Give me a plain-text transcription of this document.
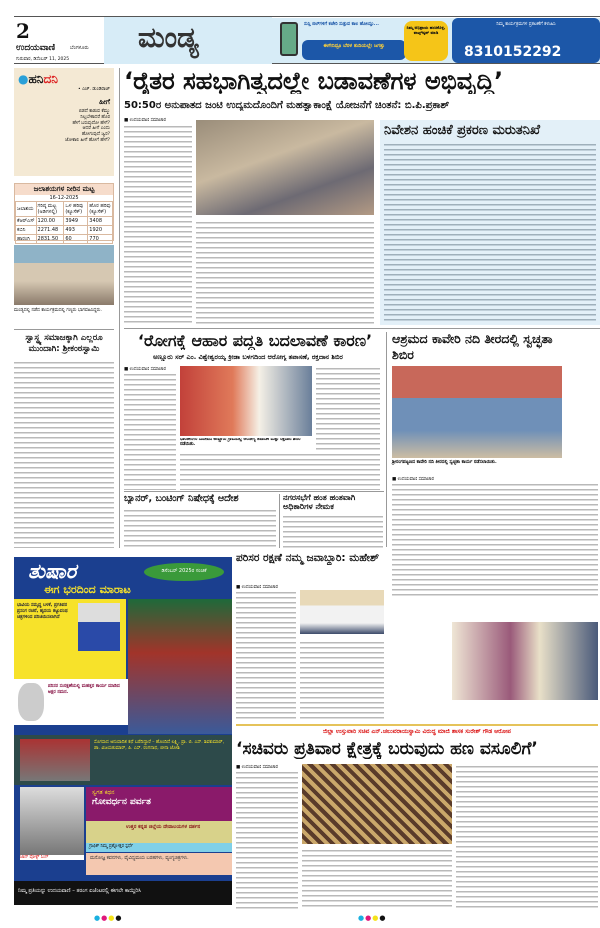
2
ಉದಯವಾಣಿ	ಬೆಂಗಳೂರು
ಗುರುವಾರ, ಡಿಸೆಂಬರ್ 11, 2025
ಮಂಡ್ಯ	ಸುಸ್ತಿ ಬಿಲ್‌ಗಳಿಗೆ ಕಚೇರಿ ಸುತ್ತುವ ಕಾಲ ಹೋಯ್ತು...
ಈಗೇನಿದ್ರೂ ಬೆರಳ ತುದಿಯಲ್ಲೇ ಜಗತ್ತು
ನಿಮ್ಮ ಅಭಿಪ್ರಾಯ ಹಂಚಿಕೊಳ್ಳಿ, ವಾಟ್ಸ್ಆ್ಯಪ್ ಮಾಡಿ
ನಿಮ್ಮ ಕಾರ್ಯಕ್ರಮಗಳ ಪ್ರಕಟಣೆಗೆ ಕಳುಹಿಸಿ
8310152292
●ಹನಿದನಿ
• ಎಚ್. ಡುಂಡಿರಾಜ್
ಹೀಗೆ
ಬಿಡದೆ ಕಾಡುವ ಕೆಮ್ಮು
ನಿಲ್ಲಬೇಕಾದರೆ ಹೊರ
ಹೇಗೆ ಬರುವುದೋ ಹೇಗೆ?
ಆದರೆ ಹೀಗೆ ಎಂದು
ಹೋಗುವುದೆ ಜ್ವರ?
ಜೋಕಾಲಿ ಹೀಗೆ ಹೋಗೆ ಹೇಗೆ?
ಜಲಾಶಯಗಳ ನೀರಿನ ಮಟ್ಟ
16-12-2025
ಜಲಾಶಯ	ಗರಿಷ್ಠ ಮಟ್ಟ (ಅಡಿಗಳಲ್ಲಿ)	ಒಳ ಹರಿವು (ಕ್ಯೂಸೆಕ್)	ಹೊರ ಹರಿವು (ಕ್ಯೂಸೆಕ್)
ಕೆಆರ್‌ಎಸ್	120.00	3949	3408
ಕಬಿನಿ	2271.48	493	1920
ಹಾರಂಗಿ	2831.50	60	770
ಮಂಡ್ಯದಲ್ಲಿ ನಡೆದ ಕಾರ್ಯಕ್ರಮದಲ್ಲಿ ಗಣ್ಯರು ಭಾಗವಹಿಸಿದ್ದರು.
ಸ್ವಾಸ್ಥ್ಯ ಸಮಾಜಕ್ಕಾಗಿ ಎಲ್ಲರೂ ಮುಂದಾಗಿ: ಶ್ರೀಕಂಠಸ್ವಾಮಿ
‘ರೈತರ ಸಹಭಾಗಿತ್ವದಲ್ಲೇ ಬಡಾವಣೆಗಳ ಅಭಿವೃದ್ಧಿ’
50:50ರ ಅನುಪಾತದ ಜಂಟಿ ಉದ್ಯಮದೊಂದಿಗೆ ಮಹತ್ವಾಕಾಂಕ್ಷೆ ಯೋಜನೆಗೆ ಚಿಂತನೆ: ಬಿ.ಪಿ.ಪ್ರಕಾಶ್
■ ಉದಯವಾಣಿ ಸಮಾಚಾರ
ನಿವೇಶನ ಹಂಚಿಕೆ ಪ್ರಕರಣ ಮರುತನಿಖೆ
‘ರೋಗಕ್ಕೆ ಆಹಾರ ಪದ್ಧತಿ ಬದಲಾವಣೆ ಕಾರಣ’
ಅಣ್ಣೂರು ಸರ್ ಎಂ. ವಿಶ್ವೇಶ್ವರಯ್ಯ ಕ್ರೀಡಾ ಬಳಗದಿಂದ ಆರೋಗ್ಯ ತಪಾಸಣೆ, ರಕ್ತದಾನ ಶಿಬಿರ
■ ಉದಯವಾಣಿ ಸಮಾಚಾರ
ಭಾರತೀನಗರ ಸಮೀಪದ ಅಣ್ಣೂರು ಗ್ರಾಮದಲ್ಲಿ ಆರೋಗ್ಯ ತಪಾಸಣೆ ಮತ್ತು ರಕ್ತದಾನ ಶಿಬಿರ ನಡೆಯಿತು.
ಆಶ್ರಮದ ಕಾವೇರಿ ನದಿ ತೀರದಲ್ಲಿ ಸ್ವಚ್ಛತಾ ಶಿಬಿರ
ಶ್ರೀರಂಗಪಟ್ಟಣದ ಕಾವೇರಿ ನದಿ ತೀರದಲ್ಲಿ ಸ್ವಚ್ಛತಾ ಕಾರ್ಯ ನಡೆಸಲಾಯಿತು.
■ ಉದಯವಾಣಿ ಸಮಾಚಾರ
ಬ್ಯಾನರ್, ಬಂಟಿಂಗ್ ನಿಷೇಧಕ್ಕೆ ಆದೇಶ	ನಗರಸಭೆಗೆ ಹಂತ ಹಂತವಾಗಿ ಅಧಿಕಾರಿಗಳ ನೇಮಕ
ಪರಿಸರ ರಕ್ಷಣೆ ನಮ್ಮ ಜವಾಬ್ದಾರಿ: ಮಹೇಶ್
■ ಉದಯವಾಣಿ ಸಮಾಚಾರ
ಜಿಲ್ಲಾ ಉಸ್ತುವಾರಿ ಸಚಿವ ಎನ್.ಚಲುವರಾಯಸ್ವಾಮಿ ವಿರುದ್ಧ ಮಾಜಿ ಶಾಸಕ ಸುರೇಶ್ ಗೌಡ ಆರೋಪ
‘ಸಚಿವರು ಪ್ರತಿವಾರ ಕ್ಷೇತ್ರಕ್ಕೆ ಬರುವುದು ಹಣ ವಸೂಲಿಗೆ’
■ ಉದಯವಾಣಿ ಸಮಾಚಾರ
ತುಷಾರ	ಡಿಸೆಂಬರ್ 2025ರ ಸಂಚಿಕೆ
ಈಗ ಭರದಿಂದ ಮಾರಾಟ
ಭಾವಿಯ ಸಮೃದ್ಧ ಬಳಕೆ, ಪ್ರಗತಿಪರ ಪ್ರಸಂಗ ರಚನೆ, ಹೃದಯ ತಟ್ಟುವಂಥ ಚಿತ್ರಗಳಿಂದ ಪರಿಚಯಿಸಲಾಗಿದೆ
ಪರಿಸರ ಸಂರಕ್ಷಣೆಯಲ್ಲಿ ಮಹತ್ತರ ಕಾರ್ಯ ಮಾಡಿದ ಅಕ್ಷರ ನಮನ.
ಸೊಗಸಾದ ಅನುವಾದಿತ ಕಥೆ ಬರೆದಿದ್ದಾರೆ – ಹೊಂದಿದೆ ಲಕ್ಷ್ಮಿ, ಪ್ರಾ. ಬಿ. ಎಸ್. ಶಿವಕುಮಾರ್, ಡಾ. ವಿಜಯಕುಮಾರ್, ಪಿ. ಎಸ್. ರಂಗನಾಥ, ಬೀನಾ ಜೋಶಿ
ಜಾನ್ ವೋಕ್ಸ್ ಸಿಂಗ್
ಸ್ವಗತ ಕಥನ
ಗೋವರ್ಧನ ಪರ್ವತ
ಉತ್ತರ ಕನ್ನಡ ಜಿಲ್ಲೆಯ ದೇವಾಲಯಗಳ ದರ್ಶನ
ಗ್ರಾಫಿಕ್ ನಿಮ್ಮ ಪ್ರಶ್ನೋತ್ತರ ಸ್ಪರ್ಧೆ
ಮನೋಜ್ಞ ಕವನಗಳು, ವೈವಿಧ್ಯಮಯ ಬರಹಗಳು, ವ್ಯಂಗ್ಯಚಿತ್ರಗಳು.
ನಿಮ್ಮ ಪ್ರತಿಯನ್ನು ಉದಯವಾಣಿ – ತರಂಗ ಏಜೆಂಟರಲ್ಲಿ ಈಗಲೇ ಕಾಯ್ದಿರಿಸಿ
●●●●	●●●●
